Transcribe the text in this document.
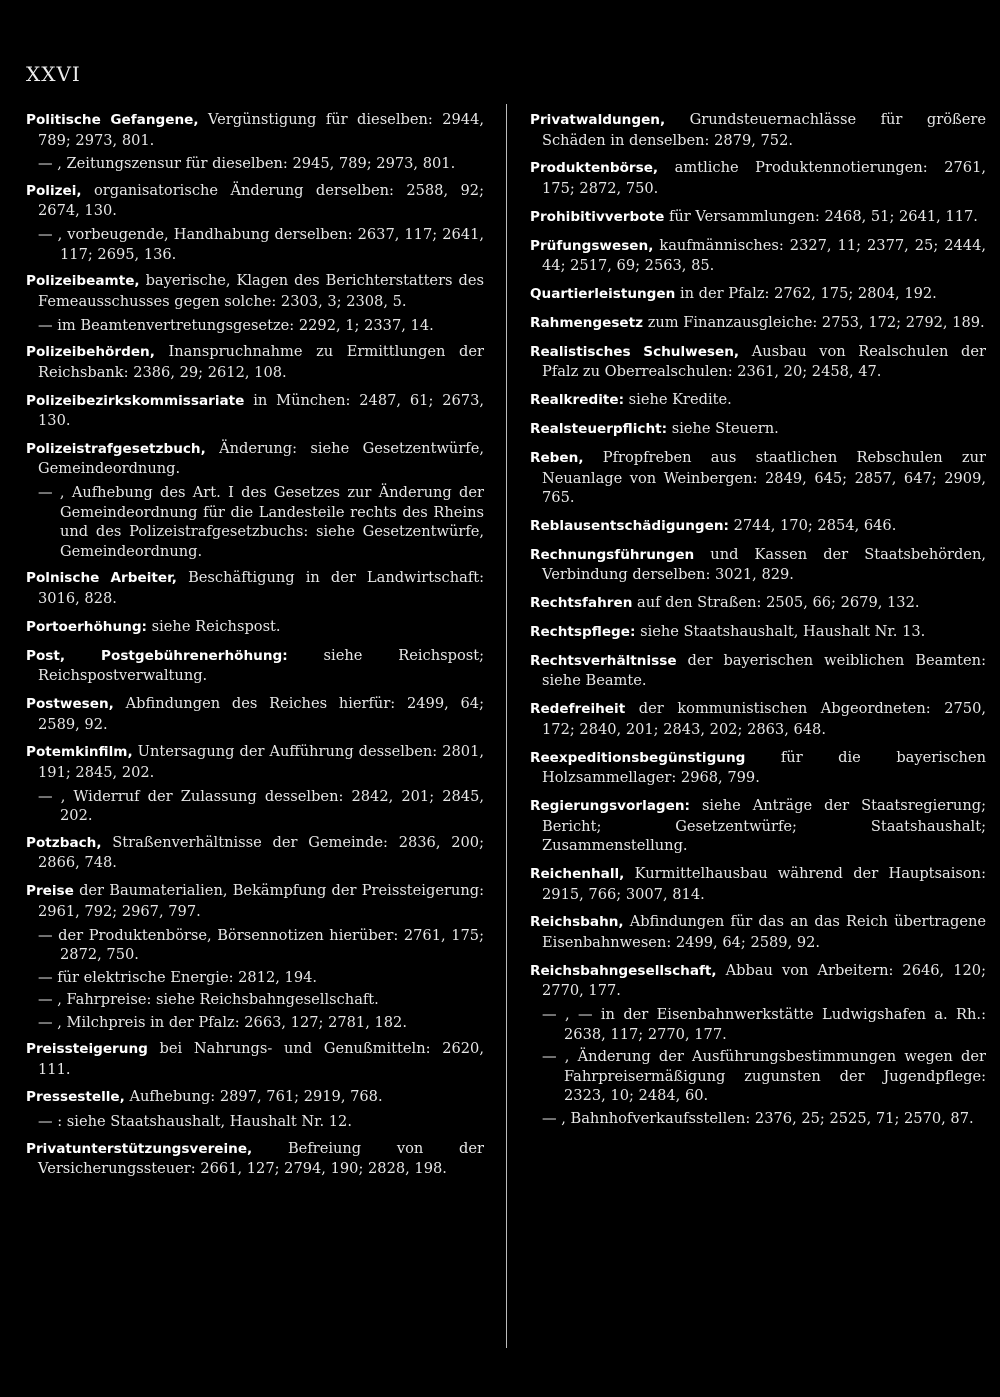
XXVI

Politische Gefangene, Vergünstigung für dieselben: 2944, 789; 2973, 801.

— , Zeitungszensur für dieselben: 2945, 789; 2973, 801.

Polizei, organisatorische Änderung derselben: 2588, 92; 2674, 130.

— , vorbeugende, Handhabung derselben: 2637, 117; 2641, 117; 2695, 136.

Polizeibeamte, bayerische, Klagen des Berichterstatters des Femeausschusses gegen solche: 2303, 3; 2308, 5.

— im Beamtenvertretungsgesetze: 2292, 1; 2337, 14.

Polizeibehörden, Inanspruchnahme zu Ermittlungen der Reichsbank: 2386, 29; 2612, 108.

Polizeibezirkskommissariate in München: 2487, 61; 2673, 130.

Polizeistrafgesetzbuch, Änderung: siehe Gesetzentwürfe, Gemeindeordnung.

— , Aufhebung des Art. I des Gesetzes zur Änderung der Gemeindeordnung für die Landesteile rechts des Rheins und des Polizeistrafgesetzbuchs: siehe Gesetzentwürfe, Gemeindeordnung.

Polnische Arbeiter, Beschäftigung in der Landwirtschaft: 3016, 828.

Portoerhöhung: siehe Reichspost.

Post, Postgebührenerhöhung: siehe Reichspost; Reichspostverwaltung.

Postwesen, Abfindungen des Reiches hierfür: 2499, 64; 2589, 92.

Potemkinfilm, Untersagung der Aufführung desselben: 2801, 191; 2845, 202.

— , Widerruf der Zulassung desselben: 2842, 201; 2845, 202.

Potzbach, Straßenverhältnisse der Gemeinde: 2836, 200; 2866, 748.

Preise der Baumaterialien, Bekämpfung der Preissteigerung: 2961, 792; 2967, 797.

— der Produktenbörse, Börsennotizen hierüber: 2761, 175; 2872, 750.

— für elektrische Energie: 2812, 194.

— , Fahrpreise: siehe Reichsbahngesellschaft.

— , Milchpreis in der Pfalz: 2663, 127; 2781, 182.

Preissteigerung bei Nahrungs- und Genußmitteln: 2620, 111.

Pressestelle, Aufhebung: 2897, 761; 2919, 768.

— : siehe Staatshaushalt, Haushalt Nr. 12.

Privatunterstützungsvereine, Befreiung von der Versicherungssteuer: 2661, 127; 2794, 190; 2828, 198.

Privatwaldungen, Grundsteuernachlässe für größere Schäden in denselben: 2879, 752.

Produktenbörse, amtliche Produktennotierungen: 2761, 175; 2872, 750.

Prohibitivverbote für Versammlungen: 2468, 51; 2641, 117.

Prüfungswesen, kaufmännisches: 2327, 11; 2377, 25; 2444, 44; 2517, 69; 2563, 85.

Quartierleistungen in der Pfalz: 2762, 175; 2804, 192.

Rahmengesetz zum Finanzausgleiche: 2753, 172; 2792, 189.

Realistisches Schulwesen, Ausbau von Realschulen der Pfalz zu Oberrealschulen: 2361, 20; 2458, 47.

Realkredite: siehe Kredite.

Realsteuerpflicht: siehe Steuern.

Reben, Pfropfreben aus staatlichen Rebschulen zur Neuanlage von Weinbergen: 2849, 645; 2857, 647; 2909, 765.

Reblausentschädigungen: 2744, 170; 2854, 646.

Rechnungsführungen und Kassen der Staatsbehörden, Verbindung derselben: 3021, 829.

Rechtsfahren auf den Straßen: 2505, 66; 2679, 132.

Rechtspflege: siehe Staatshaushalt, Haushalt Nr. 13.

Rechtsverhältnisse der bayerischen weiblichen Beamten: siehe Beamte.

Redefreiheit der kommunistischen Abgeordneten: 2750, 172; 2840, 201; 2843, 202; 2863, 648.

Reexpeditionsbegünstigung für die bayerischen Holzsammellager: 2968, 799.

Regierungsvorlagen: siehe Anträge der Staatsregierung; Bericht; Gesetzentwürfe; Staatshaushalt; Zusammenstellung.

Reichenhall, Kurmittelhausbau während der Hauptsaison: 2915, 766; 3007, 814.

Reichsbahn, Abfindungen für das an das Reich übertragene Eisenbahnwesen: 2499, 64; 2589, 92.

Reichsbahngesellschaft, Abbau von Arbeitern: 2646, 120; 2770, 177.

— , — in der Eisenbahnwerkstätte Ludwigshafen a. Rh.: 2638, 117; 2770, 177.

— , Änderung der Ausführungsbestimmungen wegen der Fahrpreisermäßigung zugunsten der Jugendpflege: 2323, 10; 2484, 60.

— , Bahnhofverkaufsstellen: 2376, 25; 2525, 71; 2570, 87.
